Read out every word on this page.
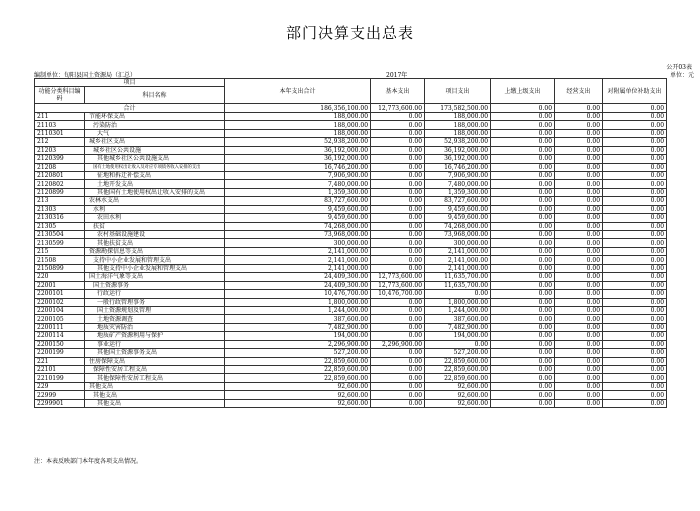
部门决算支出总表
公开03表
编制单位：旬阳县国土资源局（汇总）	2017年	单位：元
项目		本年支出合计	基本支出	项目支出	上缴上级支出	经营支出	对附属单位补助支出
功能分类科目编码	科目名称						

合计		186,356,100.00	12,773,600.00	173,582,500.00	0.00	0.00	0.00
211	节能环保支出	188,000.00	0.00	188,000.00	0.00	0.00	0.00
21103	污染防治	188,000.00	0.00	188,000.00	0.00	0.00	0.00
2110301	大气	188,000.00	0.00	188,000.00	0.00	0.00	0.00
212	城乡社区支出	52,938,200.00	0.00	52,938,200.00	0.00	0.00	0.00
21203	城乡社区公共设施	36,192,000.00	0.00	36,192,000.00	0.00	0.00	0.00
2120399	其他城乡社区公共设施支出	36,192,000.00	0.00	36,192,000.00	0.00	0.00	0.00
21208	国有土地使用权出让收入及对应专项债务收入安排的支出	16,746,200.00	0.00	16,746,200.00	0.00	0.00	0.00
2120801	征地和拆迁补偿支出	7,906,900.00	0.00	7,906,900.00	0.00	0.00	0.00
2120802	土地开发支出	7,480,000.00	0.00	7,480,000.00	0.00	0.00	0.00
2120899	其他国有土地使用权出让收入安排的支出	1,359,300.00	0.00	1,359,300.00	0.00	0.00	0.00
213	农林水支出	83,727,600.00	0.00	83,727,600.00	0.00	0.00	0.00
21303	水利	9,459,600.00	0.00	9,459,600.00	0.00	0.00	0.00
2130316	农田水利	9,459,600.00	0.00	9,459,600.00	0.00	0.00	0.00
21305	扶贫	74,268,000.00	0.00	74,268,000.00	0.00	0.00	0.00
2130504	农村基础设施建设	73,968,000.00	0.00	73,968,000.00	0.00	0.00	0.00
2130599	其他扶贫支出	300,000.00	0.00	300,000.00	0.00	0.00	0.00
215	资源勘探信息等支出	2,141,000.00	0.00	2,141,000.00	0.00	0.00	0.00
21508	支持中小企业发展和管理支出	2,141,000.00	0.00	2,141,000.00	0.00	0.00	0.00
2150899	其他支持中小企业发展和管理支出	2,141,000.00	0.00	2,141,000.00	0.00	0.00	0.00
220	国土海洋气象等支出	24,409,300.00	12,773,600.00	11,635,700.00	0.00	0.00	0.00
22001	国土资源事务	24,409,300.00	12,773,600.00	11,635,700.00	0.00	0.00	0.00
2200101	行政运行	10,476,700.00	10,476,700.00	0.00	0.00	0.00	0.00
2200102	一般行政管理事务	1,800,000.00	0.00	1,800,000.00	0.00	0.00	0.00
2200104	国土资源规划及管理	1,244,000.00	0.00	1,244,000.00	0.00	0.00	0.00
2200105	土地资源调查	387,600.00	0.00	387,600.00	0.00	0.00	0.00
2200111	地质灾害防治	7,482,900.00	0.00	7,482,900.00	0.00	0.00	0.00
2200114	地质矿产资源利用与保护	194,000.00	0.00	194,000.00	0.00	0.00	0.00
2200150	事业运行	2,296,900.00	2,296,900.00	0.00	0.00	0.00	0.00
2200199	其他国土资源事务支出	527,200.00	0.00	527,200.00	0.00	0.00	0.00
221	住房保障支出	22,859,600.00	0.00	22,859,600.00	0.00	0.00	0.00
22101	保障性安居工程支出	22,859,600.00	0.00	22,859,600.00	0.00	0.00	0.00
2210199	其他保障性安居工程支出	22,859,600.00	0.00	22,859,600.00	0.00	0.00	0.00
229	其他支出	92,600.00	0.00	92,600.00	0.00	0.00	0.00
22999	其他支出	92,600.00	0.00	92,600.00	0.00	0.00	0.00
2299901	其他支出	92,600.00	0.00	92,600.00	0.00	0.00	0.00
注：本表反映部门本年度各项支出情况。
